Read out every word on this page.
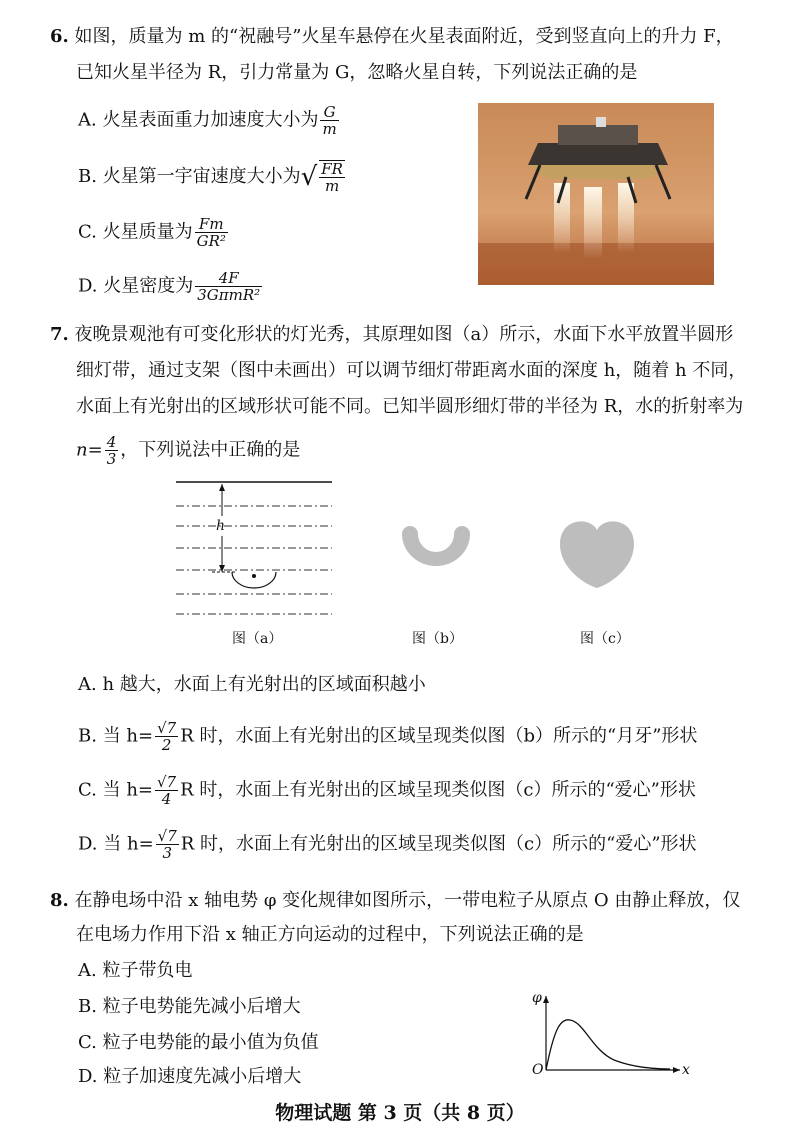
6. 如图，质量为 m 的“祝融号”火星车悬停在火星表面附近，受到竖直向上的升力 F，
已知火星半径为 R，引力常量为 G，忽略火星自转，下列说法正确的是
A. 火星表面重力加速度大小为 $\frac{G}{m}$
B. 火星第一宇宙速度大小为√ $\frac{FR}{m}$
C. 火星质量为 $\frac{Fm}{\text{GR²}}$
D. 火星密度为 $\frac{4F}{\text{3GπmR²}}$
7. 夜晚景观池有可变化形状的灯光秀，其原理如图（a）所示，水面下水平放置半圆形
细灯带，通过支架（图中未画出）可以调节细灯带距离水面的深度 h，随着 h 不同，
水面上有光射出的区域形状可能不同。已知半圆形细灯带的半径为 R，水的折射率为
$n= \frac{4}{3}$ ，下列说法中正确的是
h
图（a）	图（b）	图（c）
A. h 越大，水面上有光射出的区域面积越小
B. 当 $h= \frac{√7}{2}$ R 时，水面上有光射出的区域呈现类似图（b）所示的“月牙”形状
C. 当 $h= \frac{√7}{4}$ R 时，水面上有光射出的区域呈现类似图（c）所示的“爱心”形状
D. 当 $h= \frac{√7}{3}$ R 时，水面上有光射出的区域呈现类似图（c）所示的“爱心”形状
8. 在静电场中沿 x 轴电势 φ 变化规律如图所示，一带电粒子从原点 O 由静止释放，仅
在电场力作用下沿 x 轴正方向运动的过程中，下列说法正确的是
A. 粒子带负电
B. 粒子电势能先减小后增大
C. 粒子电势能的最小值为负值
D. 粒子加速度先减小后增大
φ
x
O
物理试题 第 3 页（共 8 页）
